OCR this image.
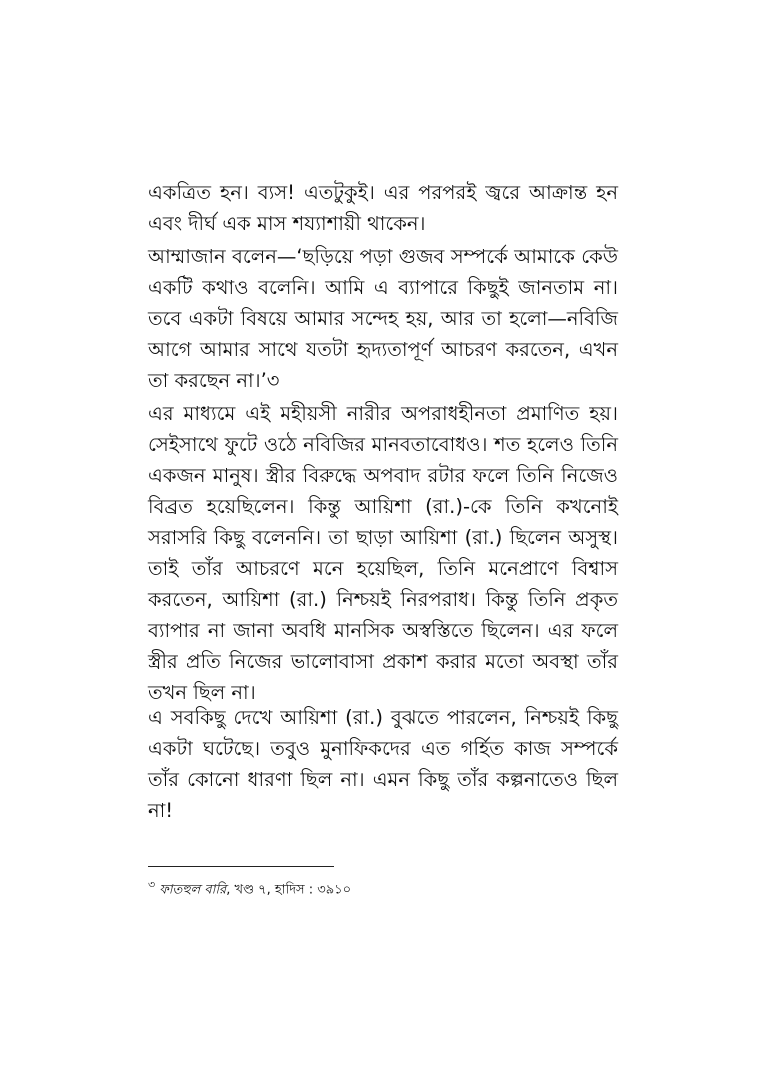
একত্রিত হন। ব্যস! এতটুকুই। এর পরপরই জ্বরে আক্রান্ত হন

এবং দীর্ঘ এক মাস শয্যাশায়ী থাকেন।

আম্মাজান বলেন—‘ছড়িয়ে পড়া গুজব সম্পর্কে আমাকে কেউ

একটি কথাও বলেনি। আমি এ ব্যাপারে কিছুই জানতাম না।

তবে একটা বিষয়ে আমার সন্দেহ হয়, আর তা হলো—নবিজি

আগে আমার সাথে যতটা হৃদ্যতাপূর্ণ আচরণ করতেন, এখন

তা করছেন না।’৩

এর মাধ্যমে এই মহীয়সী নারীর অপরাধহীনতা প্রমাণিত হয়।

সেইসাথে ফুটে ওঠে নবিজির মানবতাবোধও। শত হলেও তিনি

একজন মানুষ। স্ত্রীর বিরুদ্ধে অপবাদ রটার ফলে তিনি নিজেও

বিব্রত হয়েছিলেন। কিন্তু আয়িশা (রা.)-কে তিনি কখনোই

সরাসরি কিছু বলেননি। তা ছাড়া আয়িশা (রা.) ছিলেন অসুস্থ।

তাই তাঁর আচরণে মনে হয়েছিল, তিনি মনেপ্রাণে বিশ্বাস

করতেন, আয়িশা (রা.) নিশ্চয়ই নিরপরাধ। কিন্তু তিনি প্রকৃত

ব্যাপার না জানা অবধি মানসিক অস্বস্তিতে ছিলেন। এর ফলে

স্ত্রীর প্রতি নিজের ভালোবাসা প্রকাশ করার মতো অবস্থা তাঁর

তখন ছিল না।

এ সবকিছু দেখে আয়িশা (রা.) বুঝতে পারলেন, নিশ্চয়ই কিছু

একটা ঘটেছে। তবুও মুনাফিকদের এত গর্হিত কাজ সম্পর্কে

তাঁর কোনো ধারণা ছিল না। এমন কিছু তাঁর কল্পনাতেও ছিল

না!

$^৩$ ফাতহুল বারি, খণ্ড ৭, হাদিস : ৩৯১০
